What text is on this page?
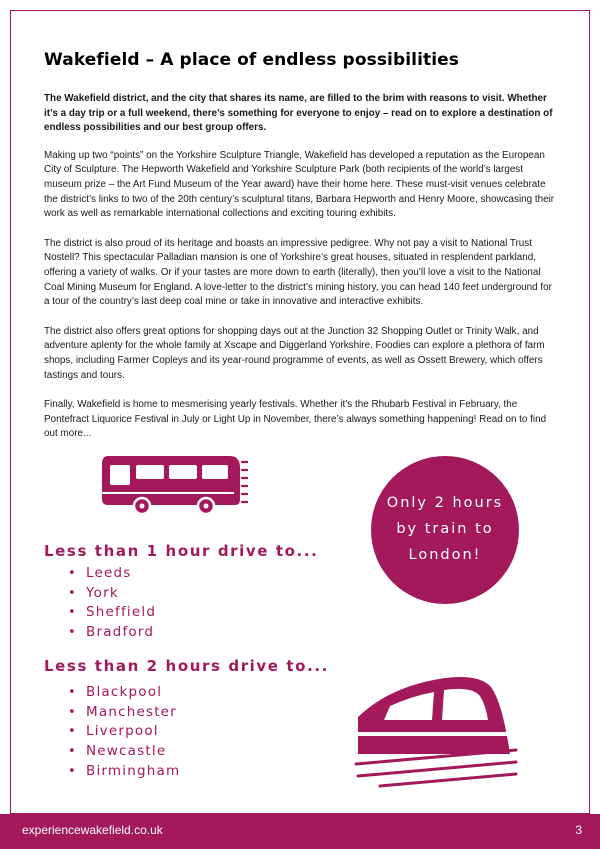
Wakefield – A place of endless possibilities

The Wakefield district, and the city that shares its name, are filled to the brim with reasons to visit. Whether it’s a day trip or a full weekend, there’s something for everyone to enjoy – read on to explore a destination of endless possibilities and our best group offers.

Making up two “points” on the Yorkshire Sculpture Triangle, Wakefield has developed a reputation as the European City of Sculpture. The Hepworth Wakefield and Yorkshire Sculpture Park (both recipients of the world’s largest museum prize – the Art Fund Museum of the Year award) have their home here. These must-visit venues celebrate the district’s links to two of the 20th century’s sculptural titans, Barbara Hepworth and Henry Moore, showcasing their work as well as remarkable international collections and exciting touring exhibits.

The district is also proud of its heritage and boasts an impressive pedigree. Why not pay a visit to National Trust Nostell? This spectacular Palladian mansion is one of Yorkshire’s great houses, situated in resplendent parkland, offering a variety of walks. Or if your tastes are more down to earth (literally), then you’ll love a visit to the National Coal Mining Museum for England. A love-letter to the district’s mining history, you can head 140 feet underground for a tour of the country’s last deep coal mine or take in innovative and interactive exhibits.

The district also offers great options for shopping days out at the Junction 32 Shopping Outlet or Trinity Walk, and adventure aplenty for the whole family at Xscape and Diggerland Yorkshire. Foodies can explore a plethora of farm shops, including Farmer Copleys and its year-round programme of events, as well as Ossett Brewery, which offers tastings and tours.

Finally, Wakefield is home to mesmerising yearly festivals. Whether it’s the Rhubarb Festival in February, the Pontefract Liquorice Festival in July or Light Up in November, there’s always something happening! Read on to find out more...

Only 2 hours
by train to
London!
Less than 1 hour drive to...
• Leeds
• York
• Sheffield
• Bradford
Less than 2 hours drive to...
• Blackpool
• Manchester
• Liverpool
• Newcastle
• Birmingham
experiencewakefield.co.uk	3
